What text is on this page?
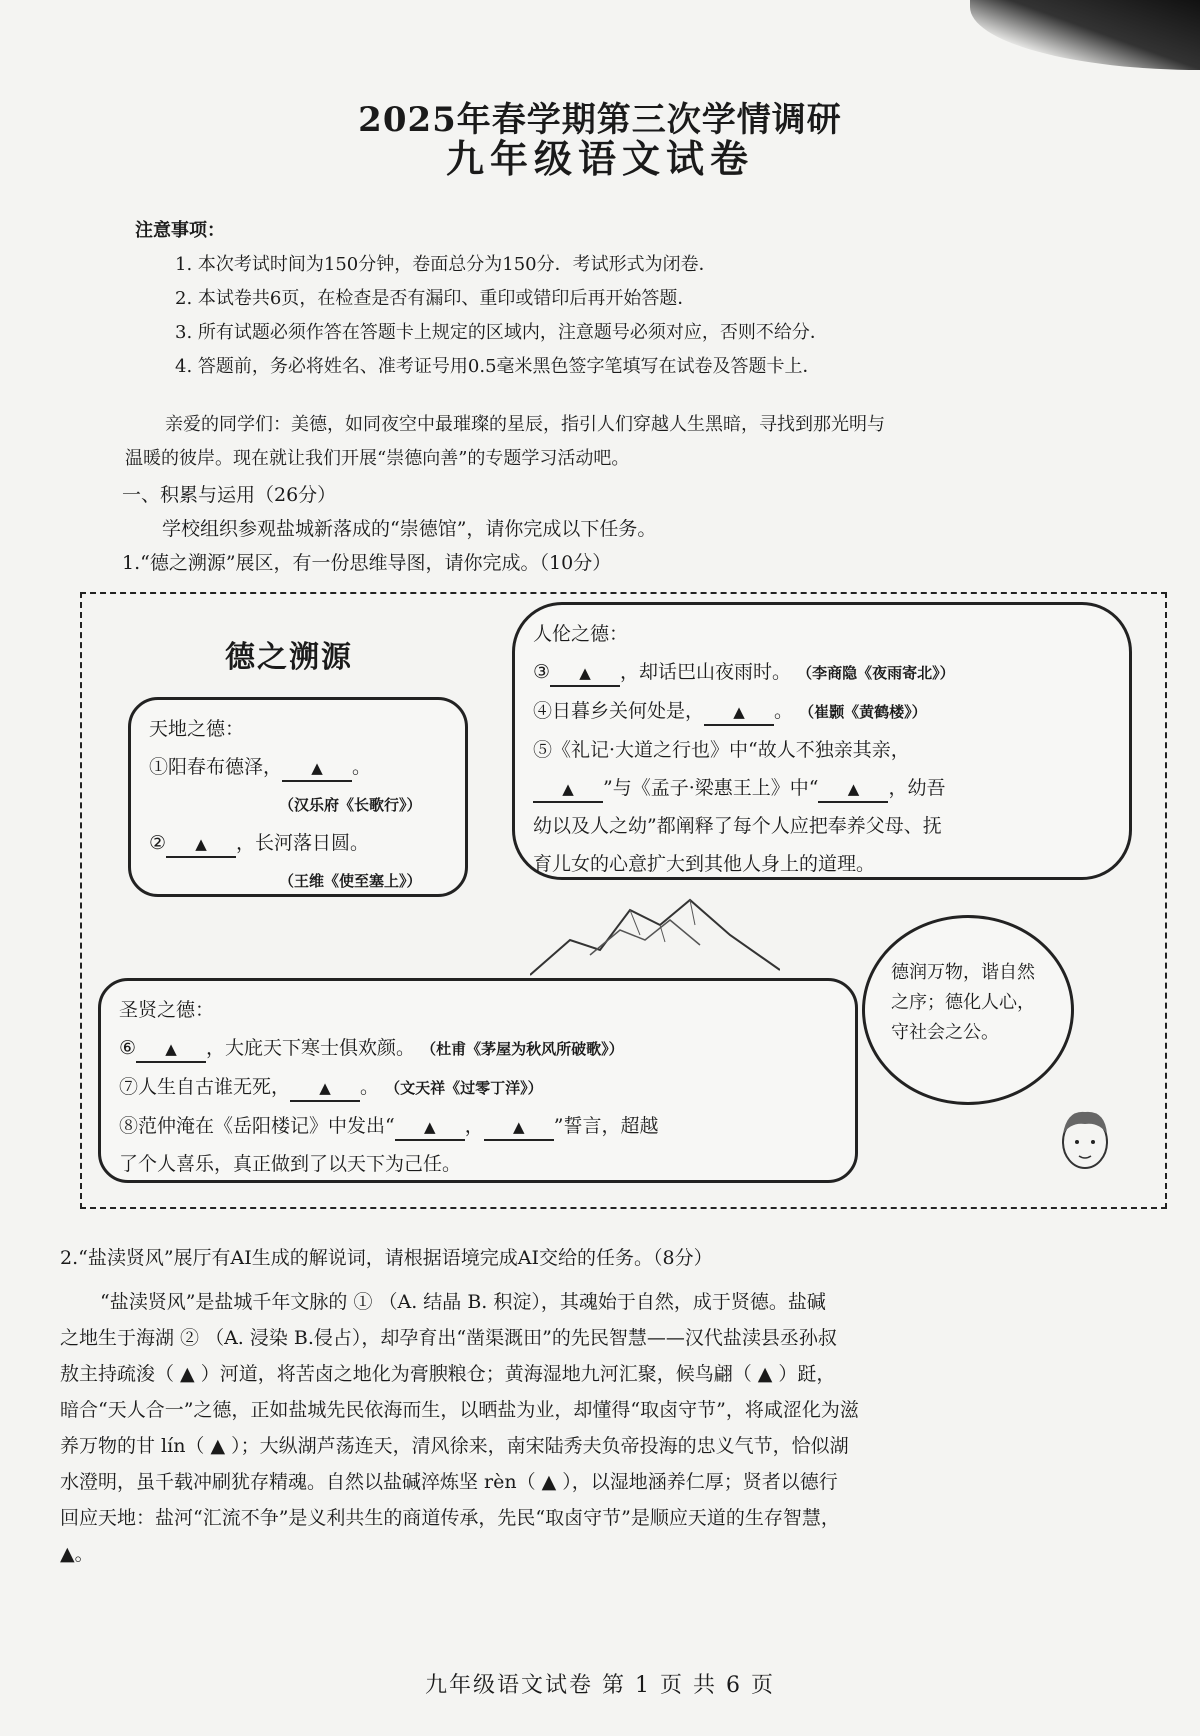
2025年春学期第三次学情调研
九年级语文试卷
注意事项：
1. 本次考试时间为150分钟，卷面总分为150分．考试形式为闭卷．
2. 本试卷共6页，在检查是否有漏印、重印或错印后再开始答题．
3. 所有试题必须作答在答题卡上规定的区域内，注意题号必须对应，否则不给分．
4. 答题前，务必将姓名、准考证号用0.5毫米黑色签字笔填写在试卷及答题卡上．
亲爱的同学们：美德，如同夜空中最璀璨的星辰，指引人们穿越人生黑暗，寻找到那光明与
温暖的彼岸。现在就让我们开展“崇德向善”的专题学习活动吧。
一、积累与运用（26分）
学校组织参观盐城新落成的“崇德馆”，请你完成以下任务。
1.“德之溯源”展区，有一份思维导图，请你完成。（10分）
德之溯源
天地之德：
①阳春布德泽， ▲ 。
（汉乐府《长歌行》）
② ▲ ，长河落日圆。
（王维《使至塞上》）
人伦之德：
③ ▲ ，却话巴山夜雨时。 （李商隐《夜雨寄北》）
④日暮乡关何处是， ▲ 。 （崔颢《黄鹤楼》）
⑤《礼记·大道之行也》中“故人不独亲其亲，
▲ ”与《孟子·梁惠王上》中“ ▲ ，幼吾
幼以及人之幼”都阐释了每个人应把奉养父母、抚
育儿女的心意扩大到其他人身上的道理。
圣贤之德：
⑥ ▲ ，大庇天下寒士俱欢颜。 （杜甫《茅屋为秋风所破歌》）
⑦人生自古谁无死， ▲ 。 （文天祥《过零丁洋》）
⑧范仲淹在《岳阳楼记》中发出“ ▲ ， ▲ ”誓言，超越
了个人喜乐，真正做到了以天下为己任。
德润万物，谐自然之序；德化人心，守社会之公。
2.“盐渎贤风”展厅有AI生成的解说词，请根据语境完成AI交给的任务。（8分）
“盐渎贤风”是盐城千年文脉的 ① （A. 结晶 B. 积淀），其魂始于自然，成于贤德。盐碱
之地生于海湖 ② （A. 浸染 B.侵占），却孕育出“凿渠溉田”的先民智慧——汉代盐渎县丞孙叔
敖主持疏浚（ ▲ ）河道，将苦卤之地化为膏腴粮仓；黄海湿地九河汇聚，候鸟翩（ ▲ ）跹，
暗合“天人合一”之德，正如盐城先民依海而生，以晒盐为业，却懂得“取卤守节”，将咸涩化为滋
养万物的甘 lín（ ▲ ）；大纵湖芦荡连天，清风徐来，南宋陆秀夫负帝投海的忠义气节，恰似湖
水澄明，虽千载冲刷犹存精魂。自然以盐碱淬炼坚 rèn（ ▲ ），以湿地涵养仁厚；贤者以德行
回应天地：盐河“汇流不争”是义利共生的商道传承，先民“取卤守节”是顺应天道的生存智慧，
▲。
九年级语文试卷 第 1 页 共 6 页
